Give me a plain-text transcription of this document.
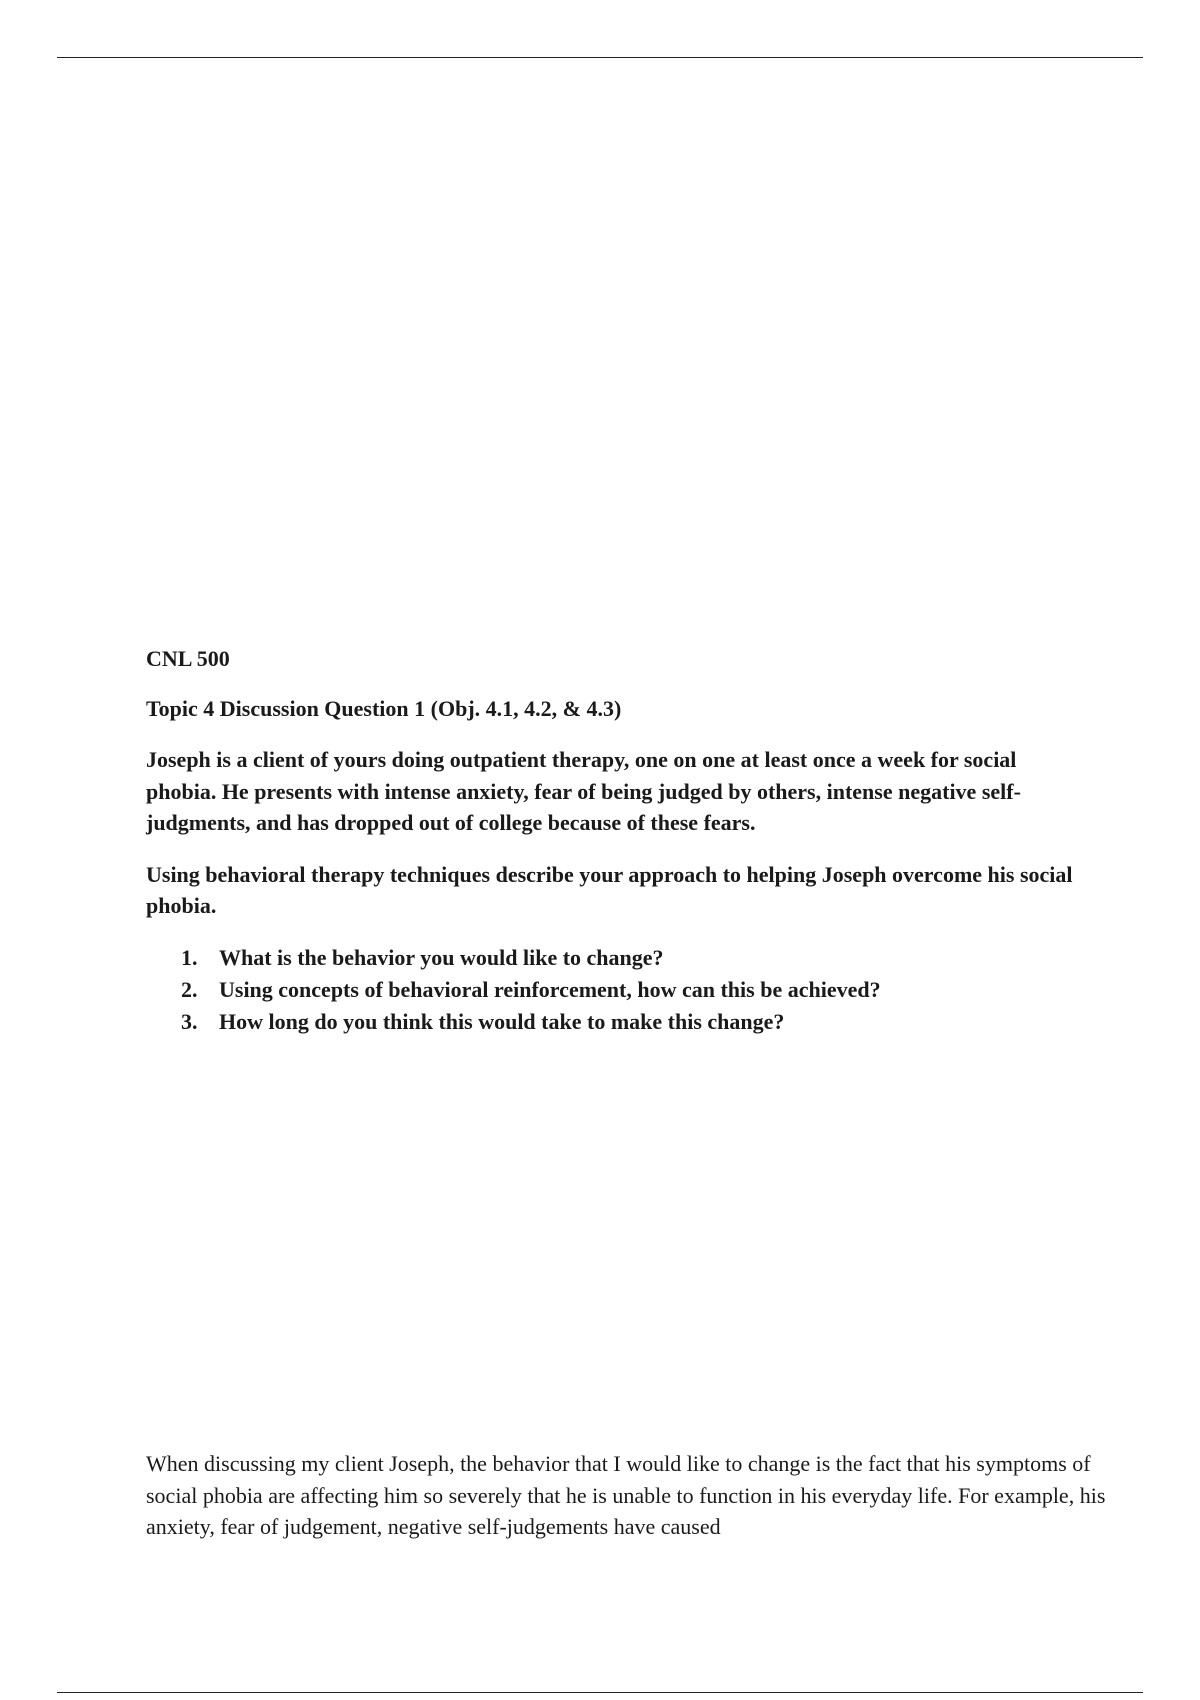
CNL 500

Topic 4 Discussion Question 1 (Obj. 4.1, 4.2, & 4.3)

Joseph is a client of yours doing outpatient therapy, one on one at least once a week for social phobia. He presents with intense anxiety, fear of being judged by others, intense negative self-judgments, and has dropped out of college because of these fears.

Using behavioral therapy techniques describe your approach to helping Joseph overcome his social phobia.

1. What is the behavior you would like to change?
2. Using concepts of behavioral reinforcement, how can this be achieved?
3. How long do you think this would take to make this change?

When discussing my client Joseph, the behavior that I would like to change is the fact that his symptoms of social phobia are affecting him so severely that he is unable to function in his everyday life. For example, his anxiety, fear of judgement, negative self-judgements have caused
